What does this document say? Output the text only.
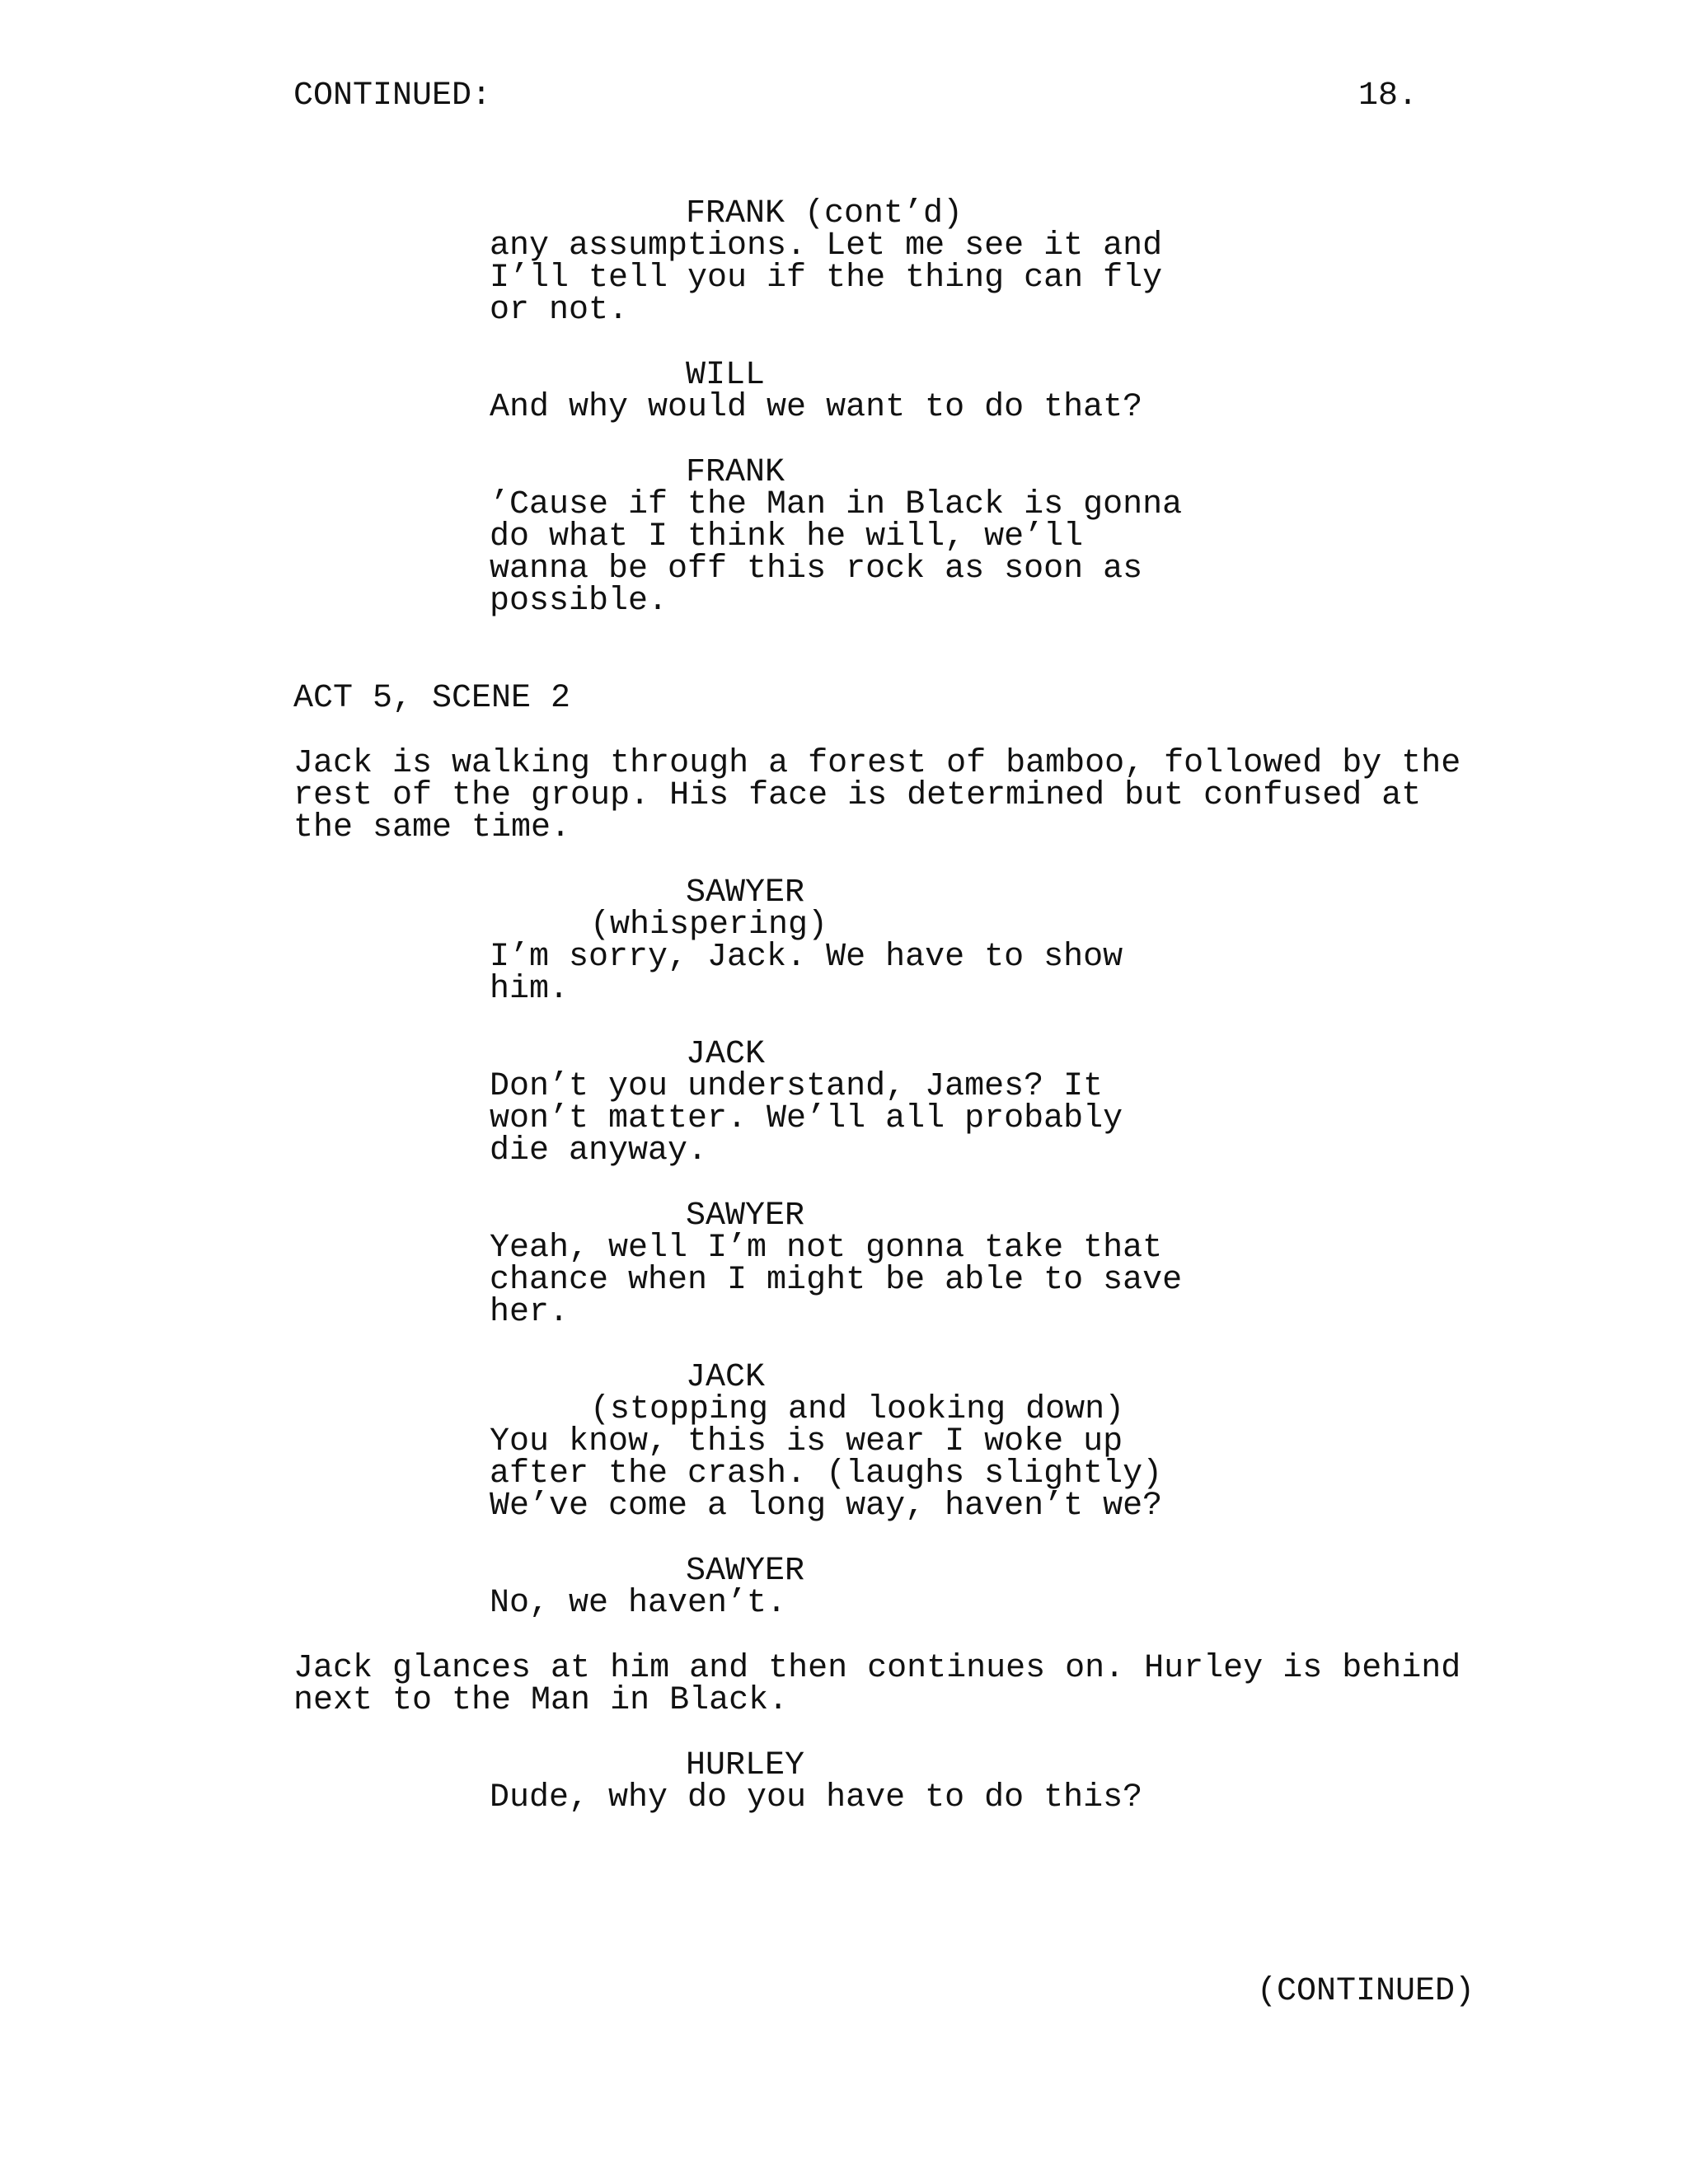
CONTINUED:	18.
FRANK (cont’d)
any assumptions. Let me see it and
I’ll tell you if the thing can fly
or not.
WILL
And why would we want to do that?
FRANK
’Cause if the Man in Black is gonna
do what I think he will, we’ll
wanna be off this rock as soon as
possible.
ACT 5, SCENE 2
Jack is walking through a forest of bamboo, followed by the
rest of the group. His face is determined but confused at
the same time.
SAWYER
(whispering)
I’m sorry, Jack. We have to show
him.
JACK
Don’t you understand, James? It
won’t matter. We’ll all probably
die anyway.
SAWYER
Yeah, well I’m not gonna take that
chance when I might be able to save
her.
JACK
(stopping and looking down)
You know, this is wear I woke up
after the crash. (laughs slightly)
We’ve come a long way, haven’t we?
SAWYER
No, we haven’t.
Jack glances at him and then continues on. Hurley is behind
next to the Man in Black.
HURLEY
Dude, why do you have to do this?
(CONTINUED)
